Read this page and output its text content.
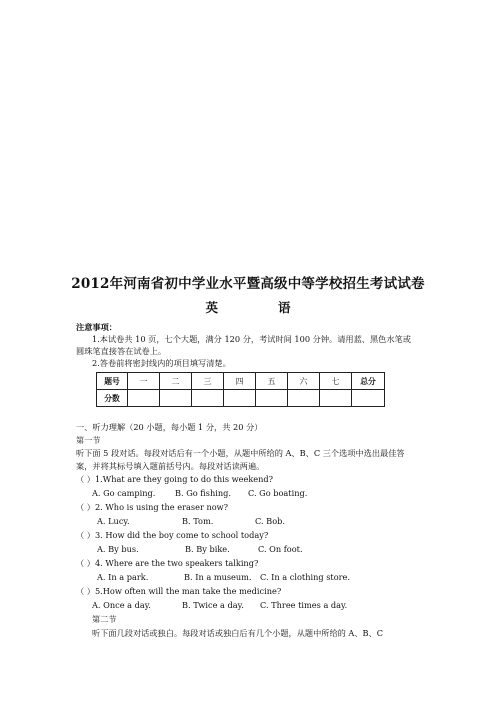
2012年河南省初中学业水平暨高级中等学校招生考试试卷
英	语
注意事项：
1.本试卷共 10 页，七个大题，满分 120 分，考试时间 100 分钟。请用蓝、黑色水笔或
圆珠笔直接答在试卷上。
2.答卷前将密封线内的项目填写清楚。
题号	一	二	三	四	五	六	七	总分
分数								
一、听力理解（20 小题，每小题 1 分，共 20 分）
第一节
听下面 5 段对话。每段对话后有一个小题，从题中所给的 A、B、C 三个选项中选出最佳答
案，并将其标号填入题前括号内。每段对话读两遍。
（ ）1.What are they going to do this weekend?
A. Go camping. B. Go fishing. C. Go boating.
（ ）2. Who is using the eraser now?
A. Lucy.	B. Tom.	C. Bob.
（ ）3. How did the boy come to school today?
A. By bus.	B. By bike.	C. On foot.
（ ）4. Where are the two speakers talking?
A. In a park.	B. In a museum. C. In a clothing store.
（ ）5.How often will the man take the medicine?
A. Once a day.	B. Twice a day. C. Three times a day.
第二节
听下面几段对话或独白。每段对话或独白后有几个小题，从题中所给的 A、B、C
